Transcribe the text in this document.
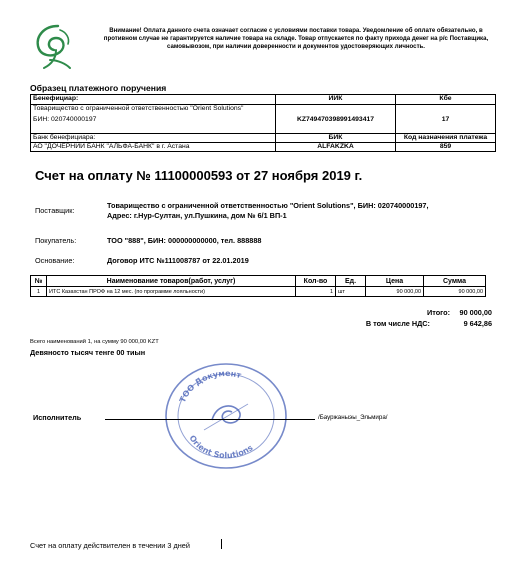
Внимание! Оплата данного счета означает согласие с условиями поставки товара. Уведомление об оплате обязательно, в противном случае не гарантируется наличие товара на складе. Товар отпускается по факту прихода денег на р/с Поставщика, самовывозом, при наличии доверенности и документов удостоверяющих личность.
Образец платежного поручения
Бенефициар:	ИИК	Кбе

Товарищество с ограниченной ответственностью "Orient Solutions"
БИН: 020740000197	KZ749470398991493417	17
Банк бенефициара:	БИК	Код назначения платежа
АО "ДОЧЕРНИЙ БАНК "АЛЬФА-БАНК" в г. Астана	ALFAKZKA	859
Счет на оплату № 11100000593 от 27 ноября 2019 г.
Поставщик:
Товарищество с ограниченной ответственностью "Orient Solutions", БИН: 020740000197,
Адрес: г.Нур-Султан, ул.Пушкина, дом № 6/1 ВП-1
Покупатель:	ТОО "888", БИН: 000000000000, тел. 888888
Основание:	Договор ИТС №111008787 от 22.01.2019
№	Наименование товаров(работ, услуг)	Кол-во	Ед.	Цена	Сумма
1	ИТС Казахстан ПРОФ на 12 мес. (по программе лояльности)	1	шт	90 000,00	90 000,00
Итого:	90 000,00
В том числе НДС:	9 642,86
Всего наименований 1, на сумму 90 000,00 KZT
Девяносто тысяч тенге 00 тиын
ТОО Документ
Orient Solutions
Исполнитель	/Бауржаныэы_Эльмира/
Счет на оплату действителен в течении 3 дней
